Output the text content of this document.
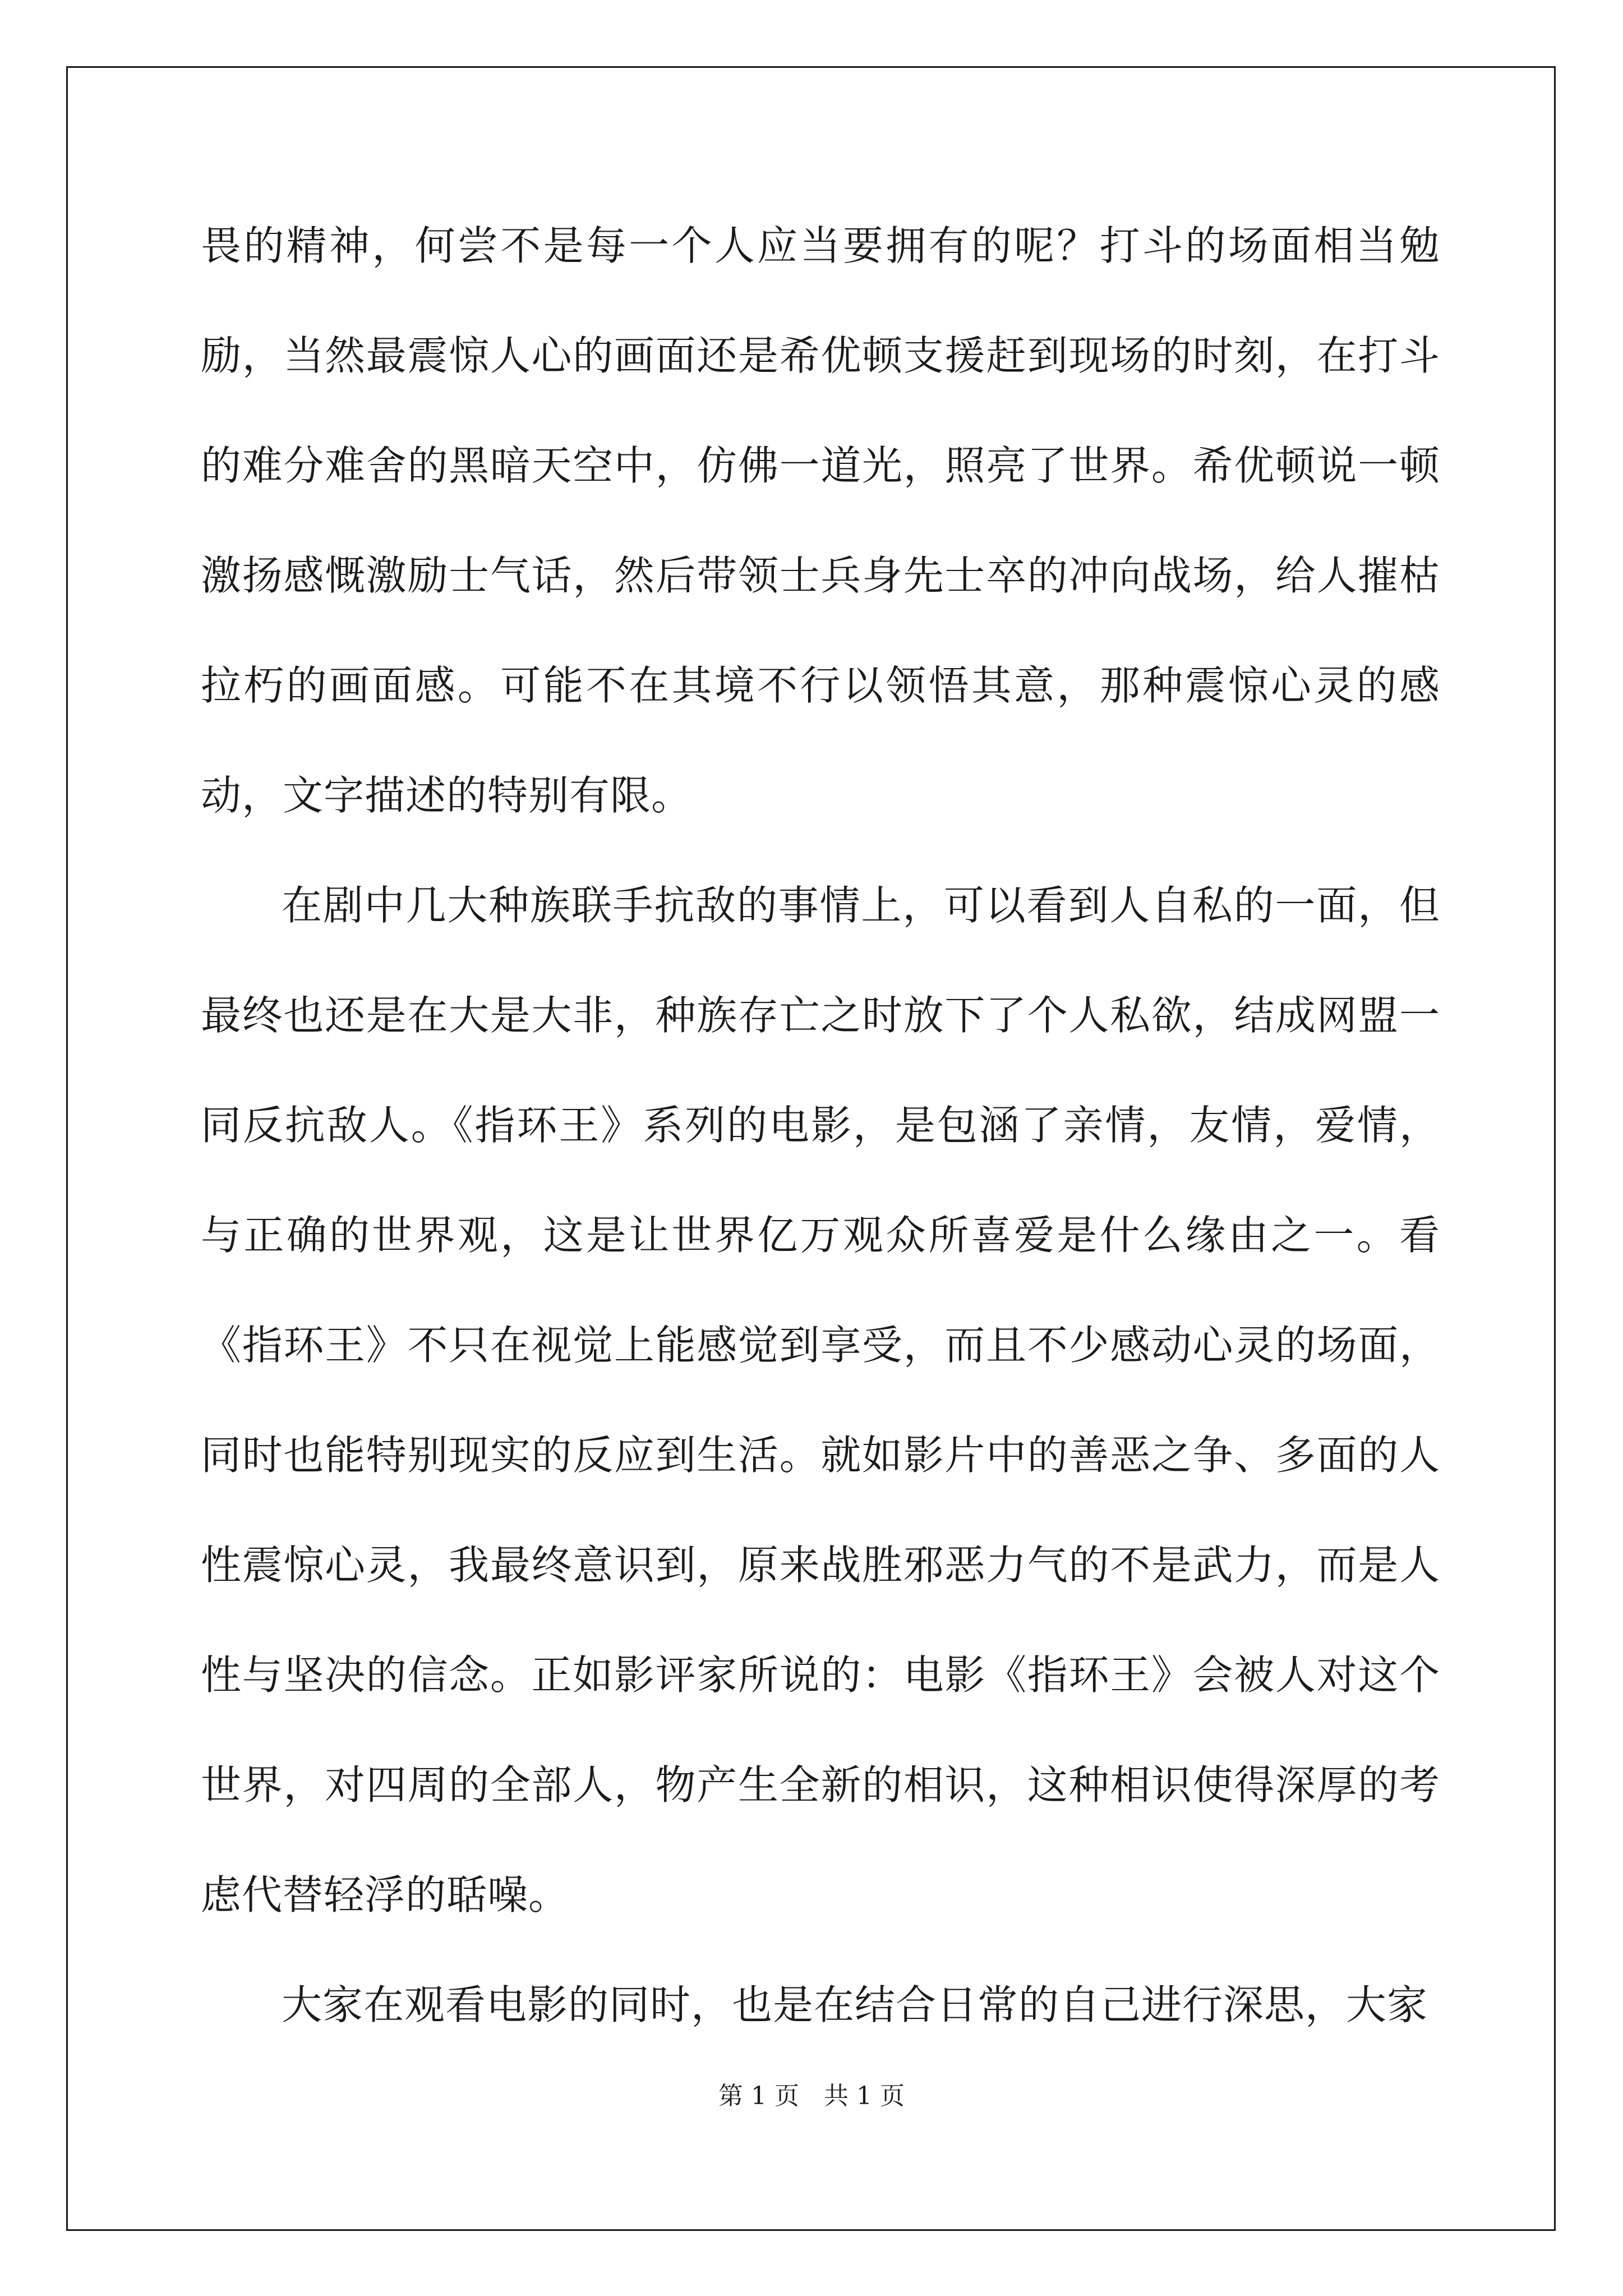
畏的精神，何尝不是每一个人应当要拥有的呢？打斗的场面相当勉励，当然最震惊人心的画面还是希优顿支援赶到现场的时刻，在打斗的难分难舍的黑暗天空中，仿佛一道光，照亮了世界。希优顿说一顿激扬感慨激励士气话，然后带领士兵身先士卒的冲向战场，给人摧枯拉朽的画面感。可能不在其境不行以领悟其意，那种震惊心灵的感动，文字描述的特别有限。

在剧中几大种族联手抗敌的事情上，可以看到人自私的一面，但最终也还是在大是大非，种族存亡之时放下了个人私欲，结成网盟一同反抗敌人。《指环王》系列的电影，是包涵了亲情，友情，爱情，与正确的世界观，这是让世界亿万观众所喜爱是什么缘由之一。看《指环王》不只在视觉上能感觉到享受，而且不少感动心灵的场面，同时也能特别现实的反应到生活。就如影片中的善恶之争、多面的人性震惊心灵，我最终意识到，原来战胜邪恶力气的不是武力，而是人性与坚决的信念。正如影评家所说的：电影《指环王》会被人对这个世界，对四周的全部人，物产生全新的相识，这种相识使得深厚的考虑代替轻浮的聒噪。

大家在观看电影的同时，也是在结合日常的自己进行深思，大家

第 1 页　共 1 页
